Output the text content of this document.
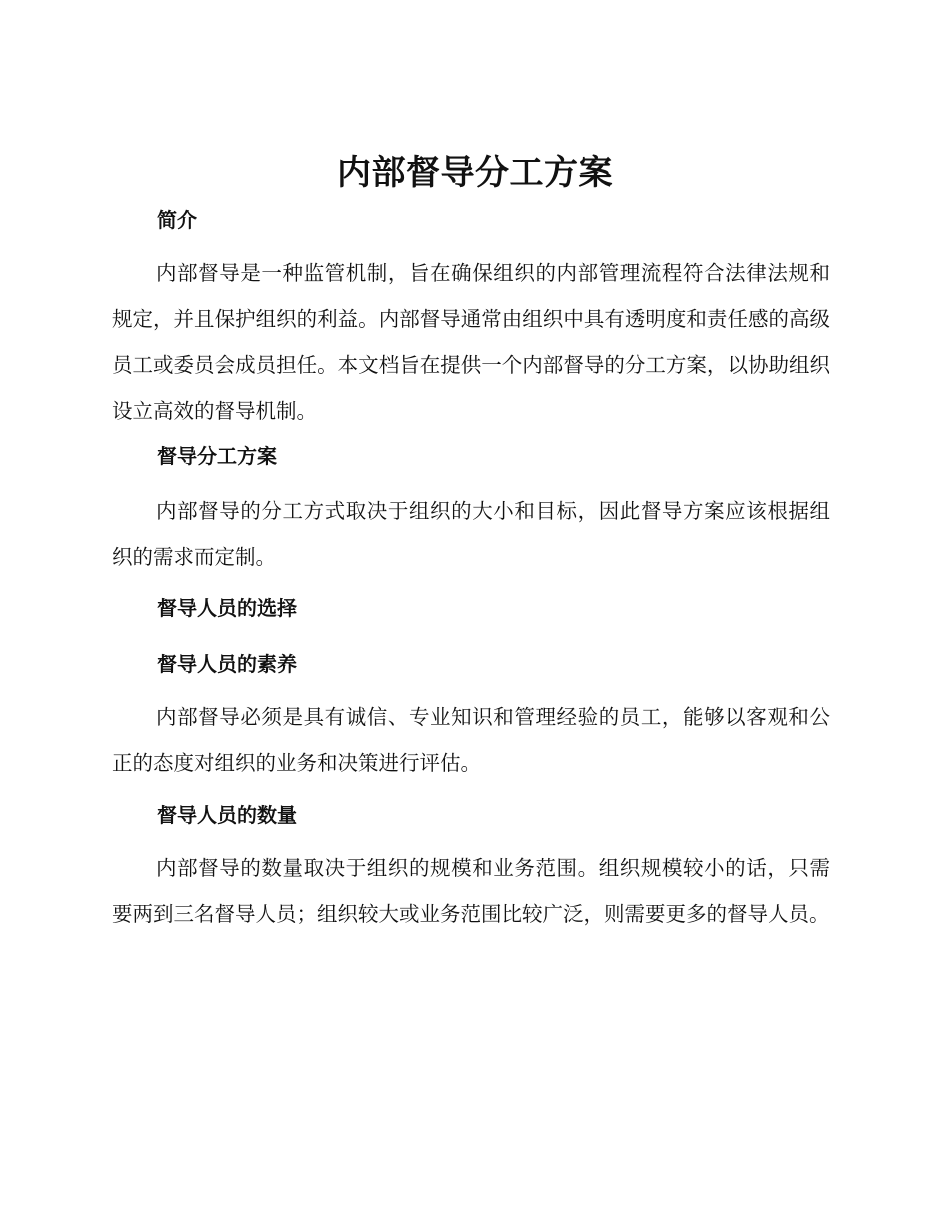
内部督导分工方案
简介

内部督导是一种监管机制，旨在确保组织的内部管理流程符合法律法规和规定，并且保护组织的利益。内部督导通常由组织中具有透明度和责任感的高级员工或委员会成员担任。本文档旨在提供一个内部督导的分工方案，以协助组织设立高效的督导机制。

督导分工方案

内部督导的分工方式取决于组织的大小和目标，因此督导方案应该根据组织的需求而定制。

督导人员的选择
督导人员的素养

内部督导必须是具有诚信、专业知识和管理经验的员工，能够以客观和公正的态度对组织的业务和决策进行评估。

督导人员的数量

内部督导的数量取决于组织的规模和业务范围。组织规模较小的话，只需要两到三名督导人员；组织较大或业务范围比较广泛，则需要更多的督导人员。
